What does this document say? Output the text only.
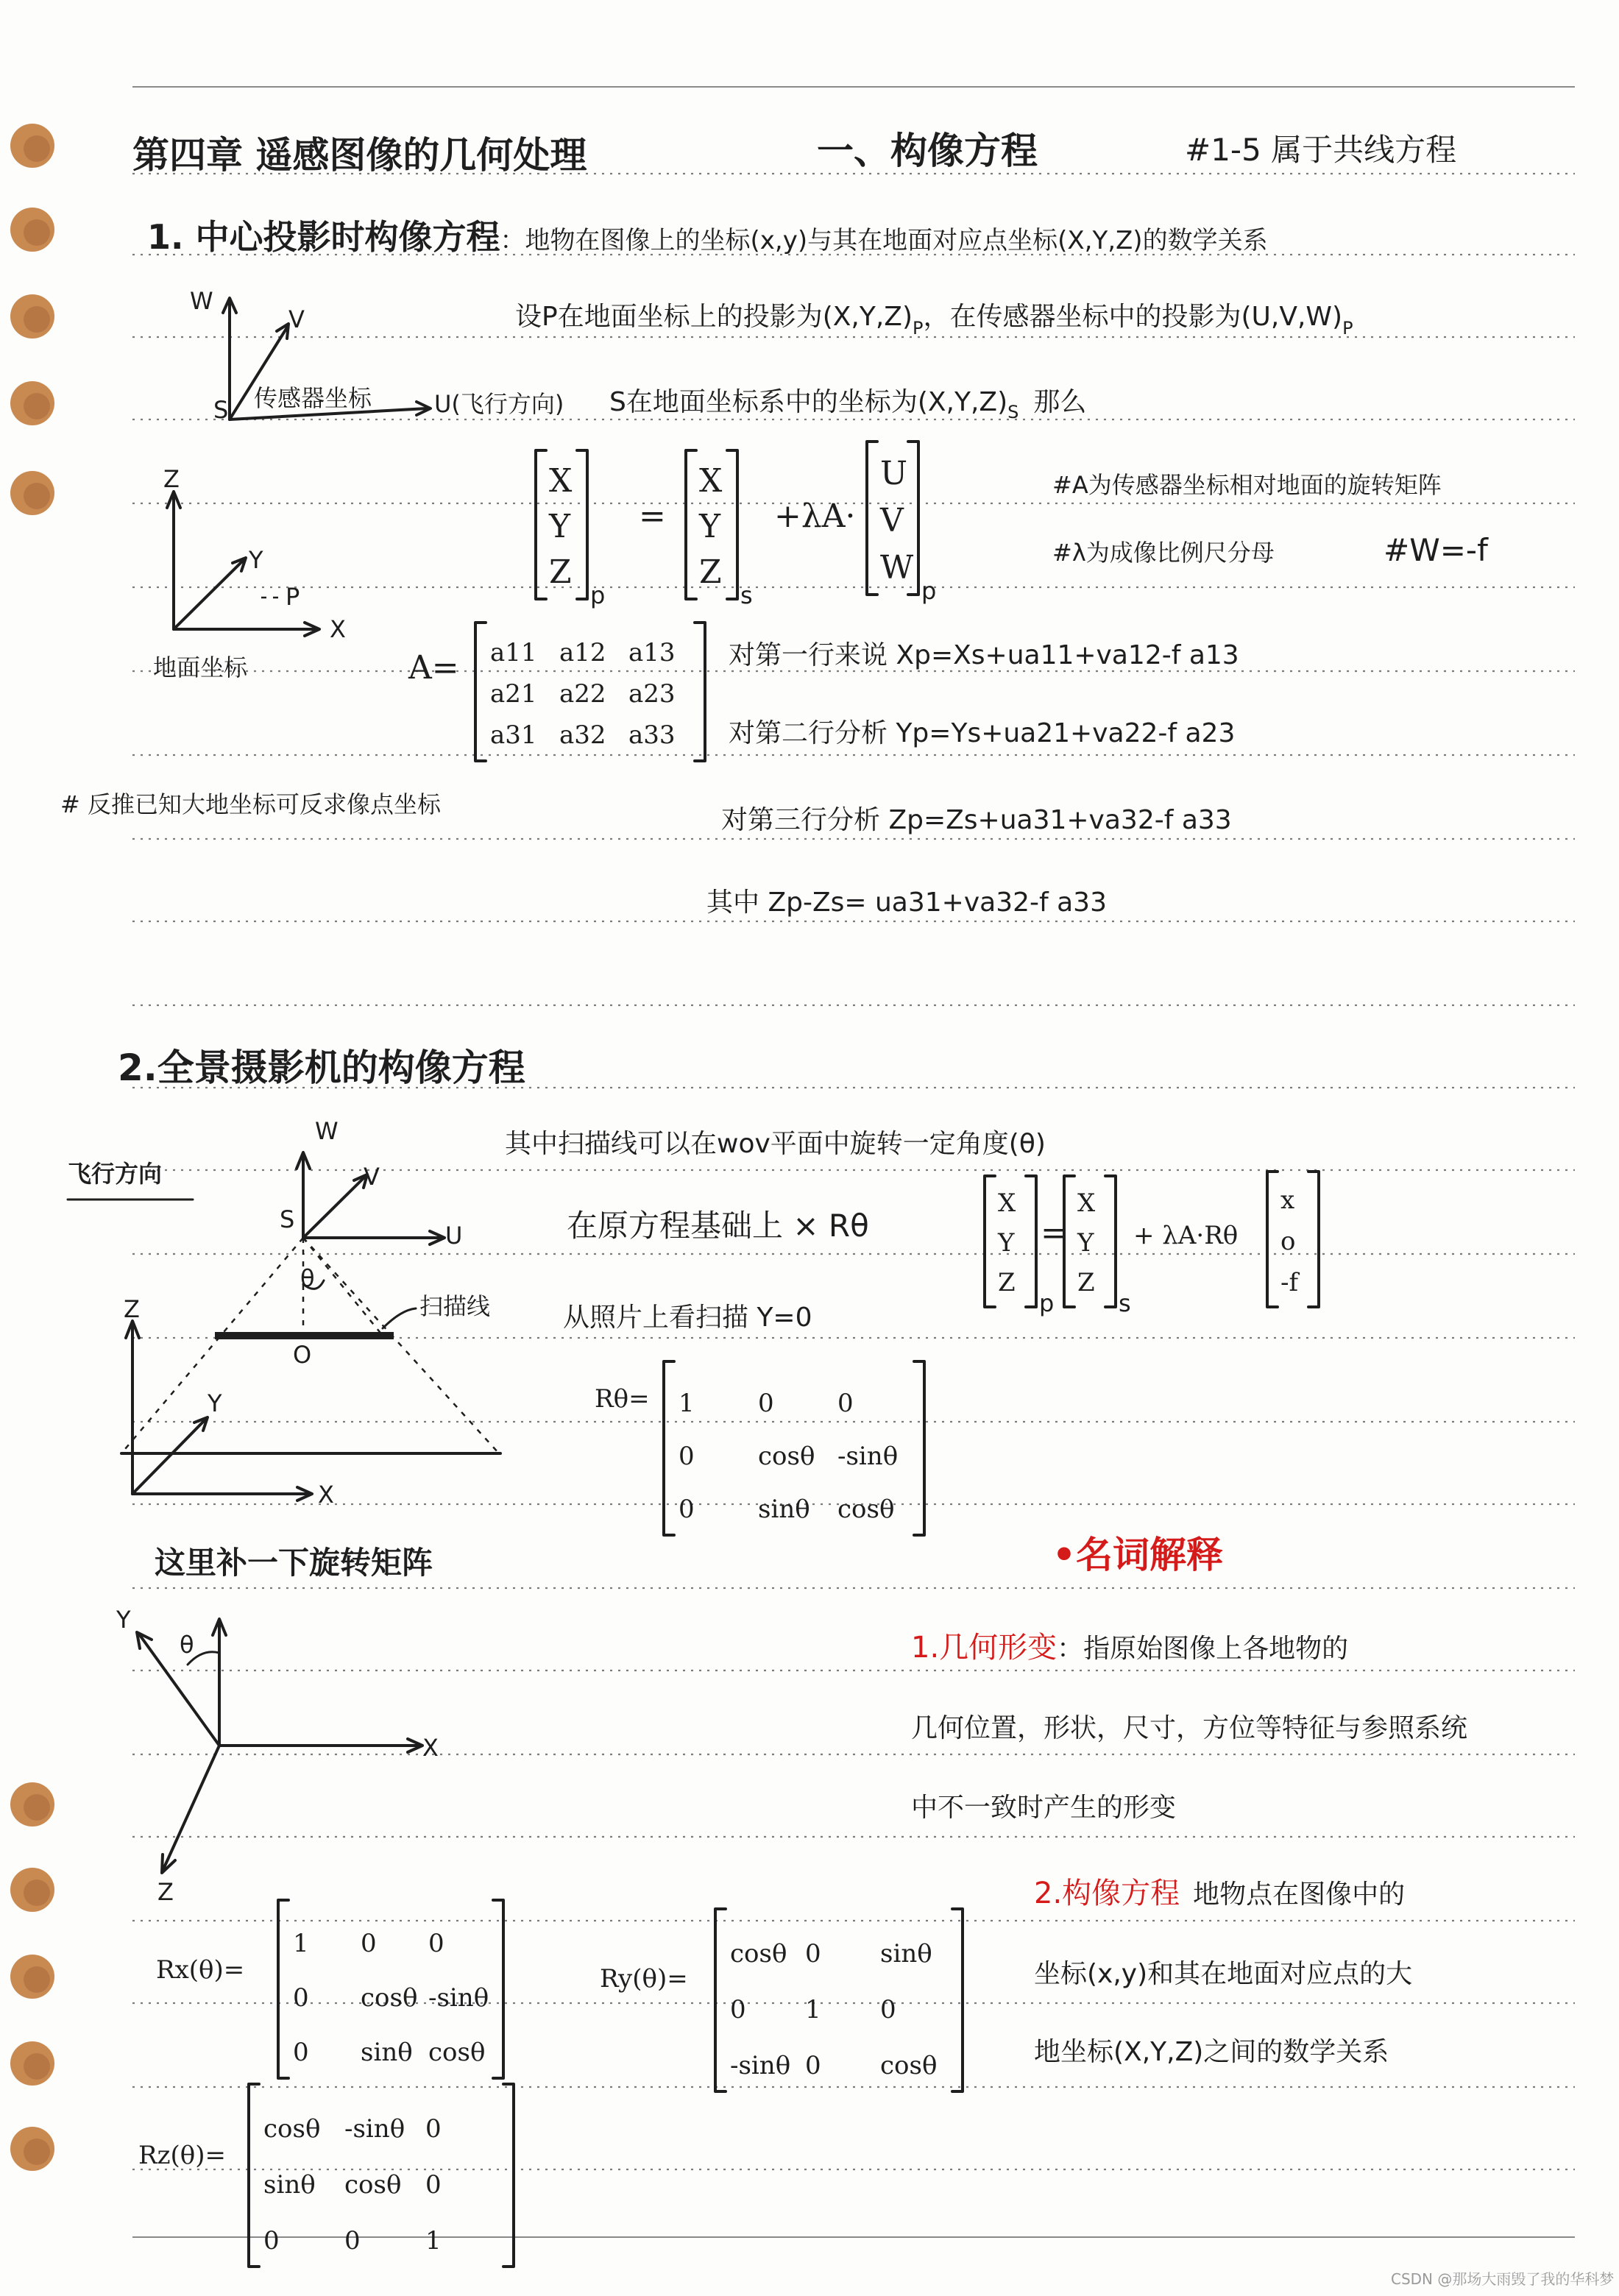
第四章 遥感图像的几何处理	一、构像方程	#1-5 属于共线方程
1. 中心投影时构像方程：地物在图像上的坐标(x,y)与其在地面对应点坐标(X,Y,Z)的数学关系
设P在地面坐标上的投影为$(X,Y,Z)_P$，在传感器坐标中的投影为$(U,V,W)_P$
S在地面坐标系中的坐标为$(X,Y,Z)_S$ 那么
W
V
S 传感器坐标	U(飞行方向)
Z
Y
X
P
地面坐标
X
Y
Z
p
=
X
Y
Z
s
+λA·
U
V
W
p
#A为传感器坐标相对地面的旋转矩阵
#λ为成像比例尺分母	#W=-f
A= a11 a12 a13
a21 a22 a23
a31 a32 a33
对第一行来说 Xp=Xs+ua11+va12-f a13
对第二行分析 Yp=Ys+ua21+va22-f a23
对第三行分析 Zp=Zs+ua31+va32-f a33
其中 Zp-Zs= ua31+va32-f a33
# 反推已知大地坐标可反求像点坐标
2.全景摄影机的构像方程
飞行方向
W
V
S
U
θ
扫描线
O
Z
Y
X
其中扫描线可以在wov平面中旋转一定角度(θ)
在原方程基础上 × Rθ
X
Y
Z
p
=
X
Y
Z
s
+ λA·Rθ
x
o
-f
从照片上看扫描 Y=0
Rθ= 1	0	0
0	cosθ -sinθ
0	sinθ cosθ
这里补一下旋转矩阵
Y
θ
X
Z
Rx(θ)=
1 0 0
0 cosθ -sinθ
0 sinθ cosθ
Ry(θ)=
cosθ 0 sinθ
0 1 0
-sinθ 0 cosθ
Rz(θ)=
cosθ -sinθ 0
sinθ cosθ 0
0	0	1
•名词解释
1.几何形变：指原始图像上各地物的
几何位置，形状，尺寸，方位等特征与参照系统
中不一致时产生的形变
2.构像方程 地物点在图像中的
坐标(x,y)和其在地面对应点的大
地坐标(X,Y,Z)之间的数学关系
CSDN @那场大雨毁了我的华科梦
